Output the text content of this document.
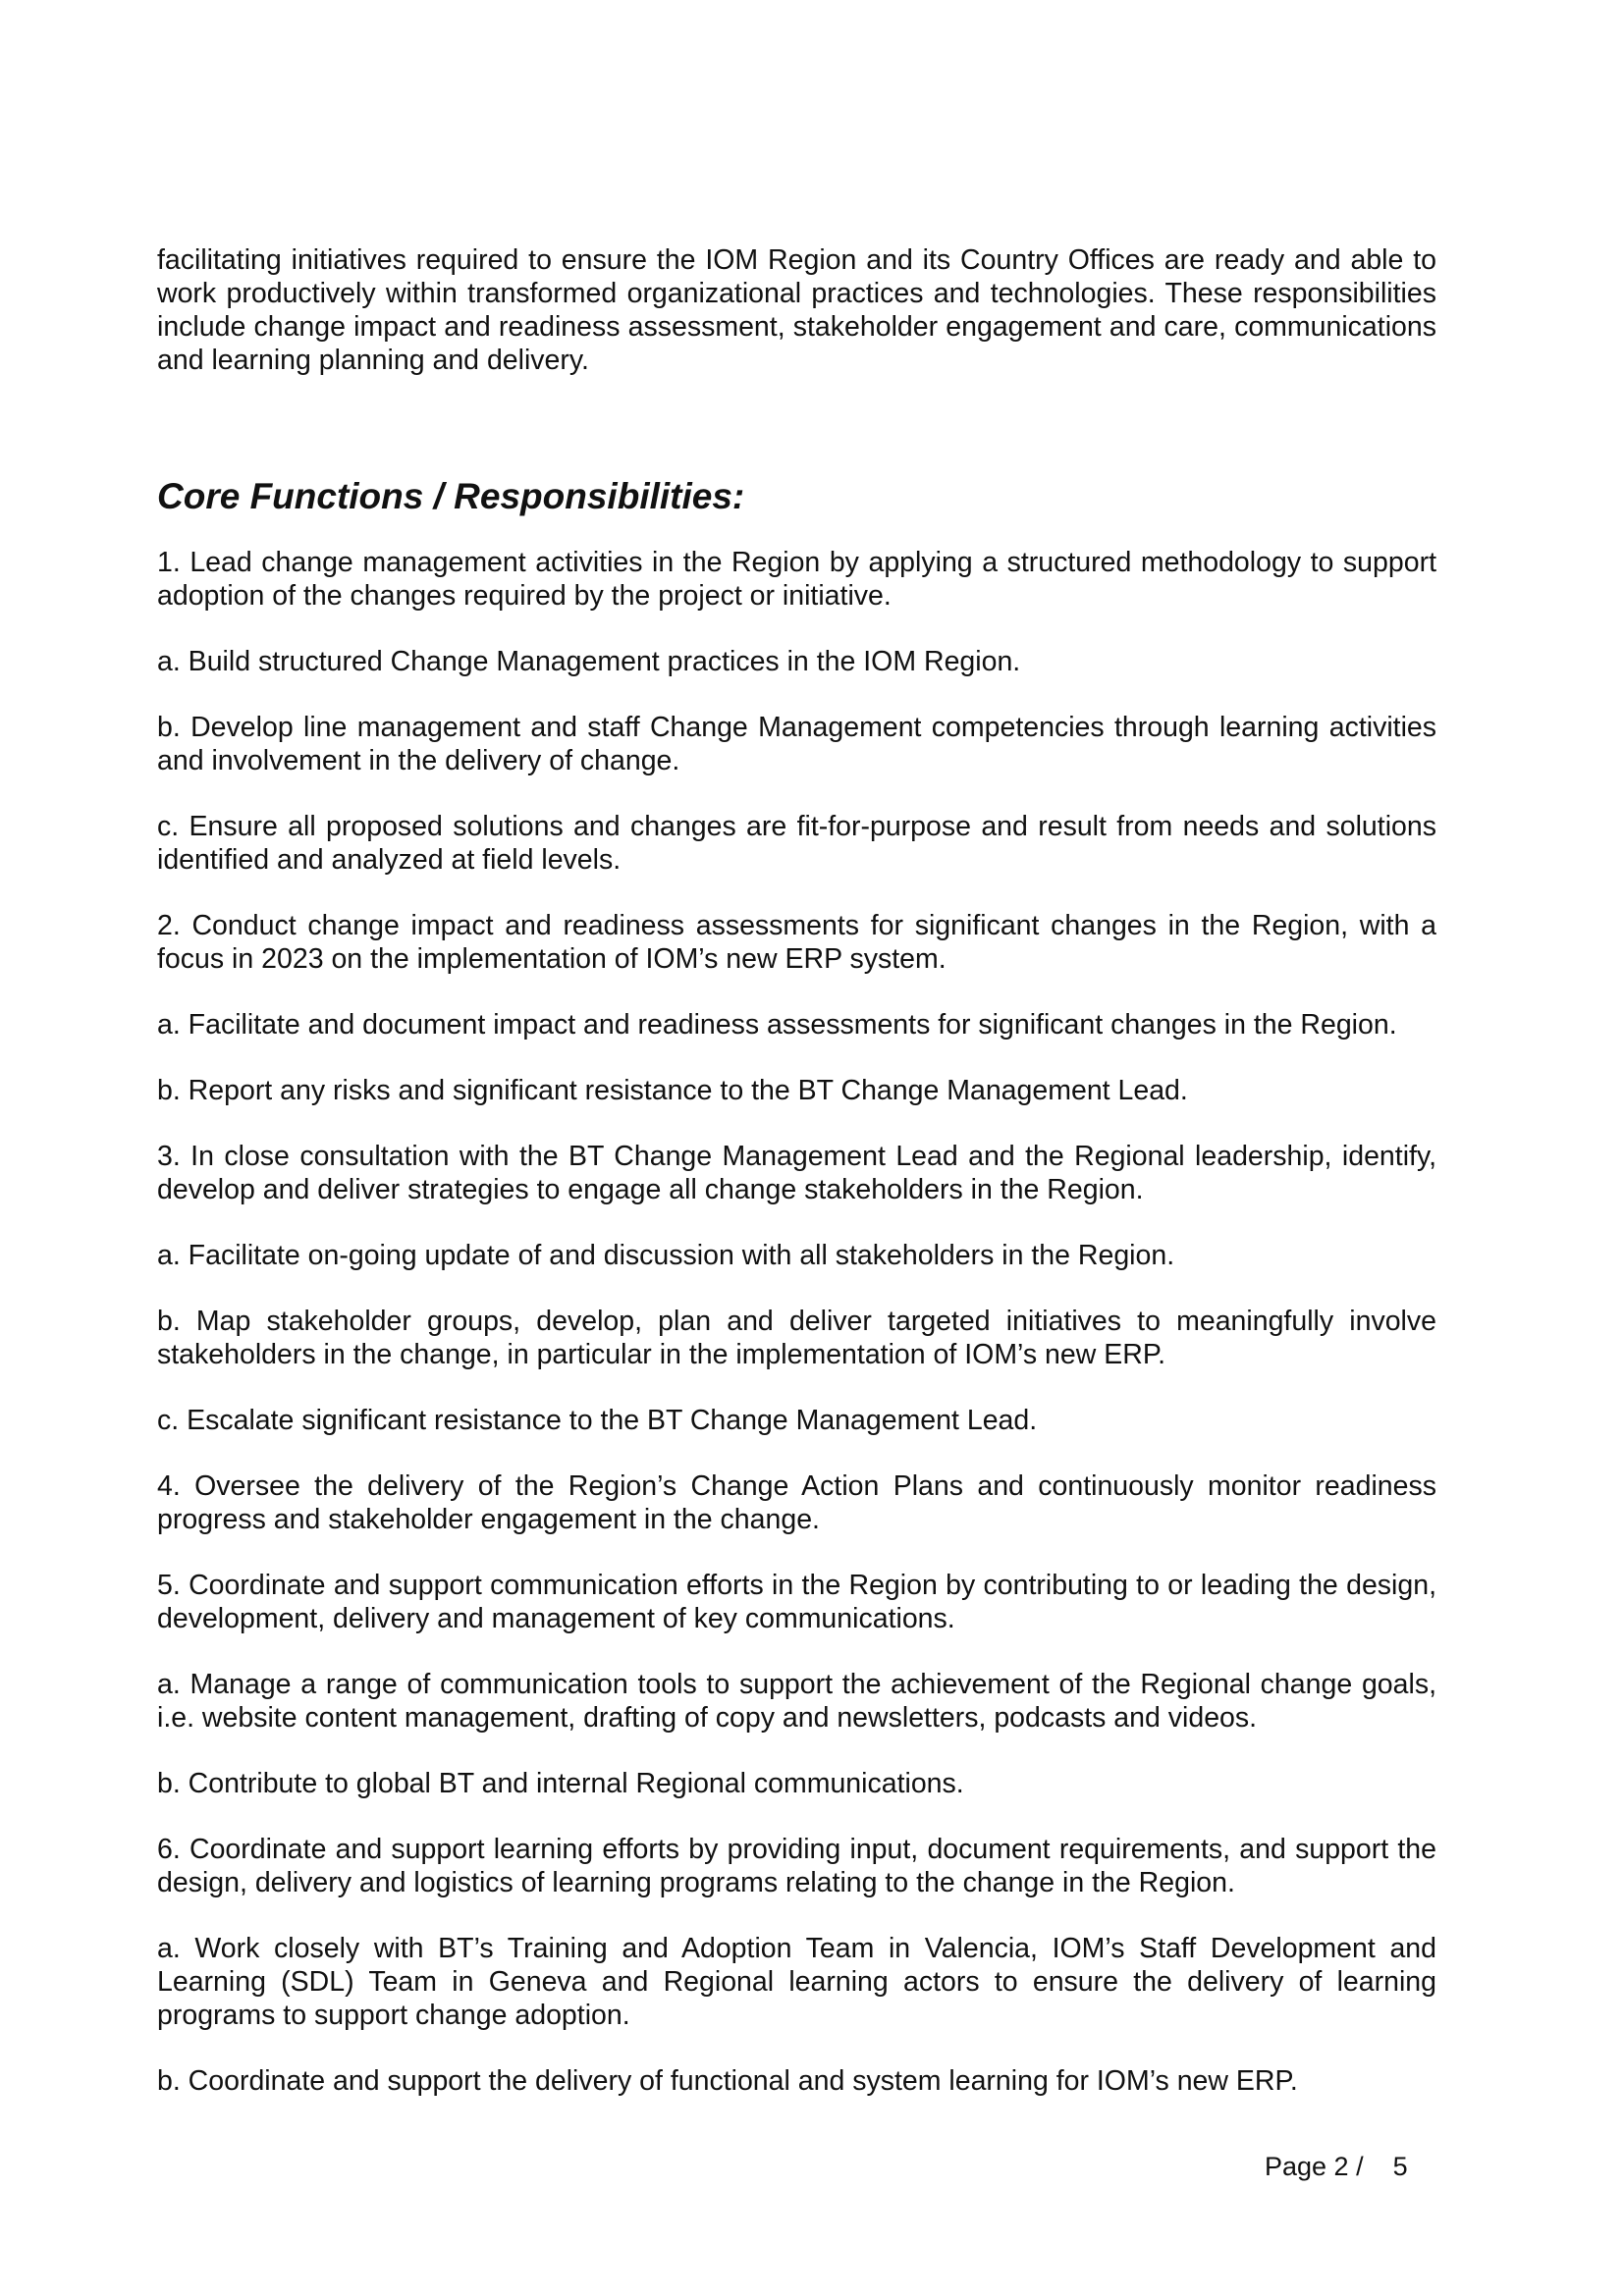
facilitating initiatives required to ensure the IOM Region and its Country Offices are ready and able to work productively within transformed organizational practices and technologies. These responsibilities include change impact and readiness assessment, stakeholder engagement and care, communications and learning planning and delivery.

Core Functions / Responsibilities:

1. Lead change management activities in the Region by applying a structured methodology to support adoption of the changes required by the project or initiative.

a. Build structured Change Management practices in the IOM Region.

b. Develop line management and staff Change Management competencies through learning activities and involvement in the delivery of change.

c. Ensure all proposed solutions and changes are fit-for-purpose and result from needs and solutions identified and analyzed at field levels.

2. Conduct change impact and readiness assessments for significant changes in the Region, with a focus in 2023 on the implementation of IOM’s new ERP system.

a. Facilitate and document impact and readiness assessments for significant changes in the Region.

b. Report any risks and significant resistance to the BT Change Management Lead.

3. In close consultation with the BT Change Management Lead and the Regional leadership, identify, develop and deliver strategies to engage all change stakeholders in the Region.

a. Facilitate on-going update of and discussion with all stakeholders in the Region.

b. Map stakeholder groups, develop, plan and deliver targeted initiatives to meaningfully involve stakeholders in the change, in particular in the implementation of IOM’s new ERP.

c. Escalate significant resistance to the BT Change Management Lead.

4. Oversee the delivery of the Region’s Change Action Plans and continuously monitor readiness progress and stakeholder engagement in the change.

5. Coordinate and support communication efforts in the Region by contributing to or leading the design, development, delivery and management of key communications.

a. Manage a range of communication tools to support the achievement of the Regional change goals, i.e. website content management, drafting of copy and newsletters, podcasts and videos.

b. Contribute to global BT and internal Regional communications.

6. Coordinate and support learning efforts by providing input, document requirements, and support the design, delivery and logistics of learning programs relating to the change in the Region.

a. Work closely with BT’s Training and Adoption Team in Valencia, IOM’s Staff Development and Learning (SDL) Team in Geneva and Regional learning actors to ensure the delivery of learning programs to support change adoption.

b. Coordinate and support the delivery of functional and system learning for IOM’s new ERP.

Page 2 /    5
